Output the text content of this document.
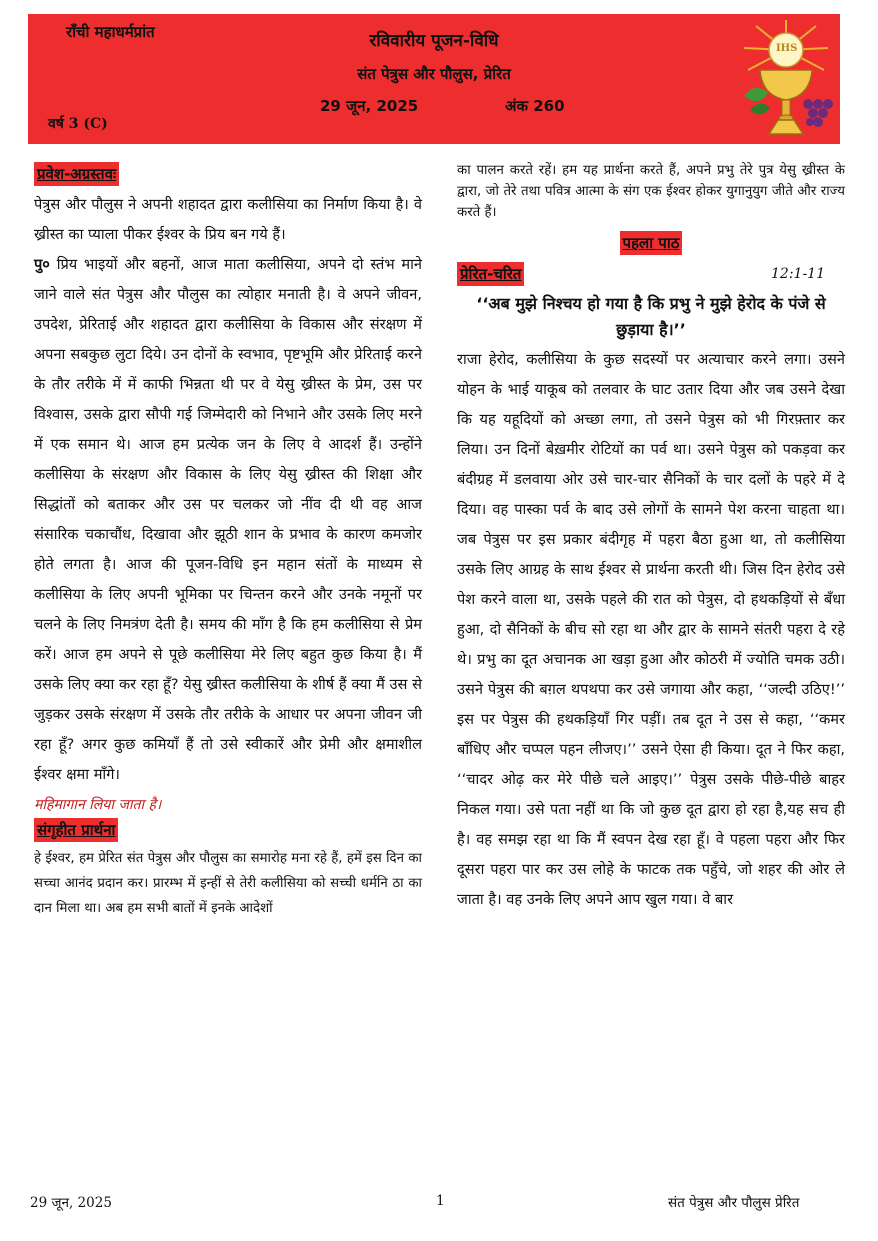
राँची महाधर्मप्रांत	रविवारीय पूजन-विधि
संत पेत्रुस और पौलुस, प्रेरित
29 जून, 2025	अंक 260
वर्ष 3 (C)
IHS
प्रवेश-अग्रस्तवः

पेत्रुस और पौलुस ने अपनी शहादत द्वारा कलीसिया का निर्माण किया है। वे ख्रीस्त का प्याला पीकर ईश्वर के प्रिय बन गये हैं।

पु० प्रिय भाइयों और बहनों, आज माता कलीसिया, अपने दो स्तंभ माने जाने वाले संत पेत्रुस और पौलुस का त्योहार मनाती है। वे अपने जीवन, उपदेश, प्रेरिताई और शहादत द्वारा कलीसिया के विकास और संरक्षण में अपना सबकुछ लुटा दिये। उन दोनों के स्वभाव, पृष्टभूमि और प्रेरिताई करने के तौर तरीके में में काफी भिन्नता थी पर वे येसु ख्रीस्त के प्रेम, उस पर विश्वास, उसके द्वारा सौपी गई जिम्मेदारी को निभाने और उसके लिए मरने में एक समान थे। आज हम प्रत्येक जन के लिए वे आदर्श हैं। उन्होंने कलीसिया के संरक्षण और विकास के लिए येसु ख्रीस्त की शिक्षा और सिद्धांतों को बताकर और उस पर चलकर जो नींव दी थी वह आज संसारिक चकाचौंध, दिखावा और झूठी शान के प्रभाव के कारण कमजोर होते लगता है। आज की पूजन-विधि इन महान संतों के माध्यम से कलीसिया के लिए अपनी भूमिका पर चिन्तन करने और उनके नमूनों पर चलने के लिए निमत्रंण देती है। समय की माँग है कि हम कलीसिया से प्रेम करें। आज हम अपने से पूछे कलीसिया मेरे लिए बहुत कुछ किया है। मैं उसके लिए क्या कर रहा हूँ? येसु ख्रीस्त कलीसिया के शीर्ष हैं क्या मैं उस से जुड़कर उसके संरक्षण में उसके तौर तरीके के आधार पर अपना जीवन जी रहा हूँ? अगर कुछ कमियाँ हैं तो उसे स्वीकारें और प्रेमी और क्षमाशील ईश्वर क्षमा माँगे।

महिमागान लिया जाता है।

संगृहीत प्रार्थना

हे ईश्वर, हम प्रेरित संत पेत्रुस और पौलुस का समारोह मना रहे हैं, हमें इस दिन का सच्चा आनंद प्रदान कर। प्रारम्भ में इन्हीं से तेरी कलीसिया को सच्ची धर्मनि ठा का दान मिला था। अब हम सभी बातों में इनके आदेशों

का पालन करते रहें। हम यह प्रार्थना करते हैं, अपने प्रभु तेरे पुत्र येसु ख्रीस्त के द्वारा, जो तेरे तथा पवित्र आत्मा के संग एक ईश्वर होकर युगानुयुग जीते और राज्य करते हैं।

पहला पाठ
प्रेरित-चरित	12:1-11

‘‘अब मुझे निश्चय हो गया है कि प्रभु ने मुझे हेरोद के पंजे से छुड़ाया है।’’

राजा हेरोद, कलीसिया के कुछ सदस्यों पर अत्याचार करने लगा। उसने योहन के भाई याकूब को तलवार के घाट उतार दिया और जब उसने देखा कि यह यहूदियों को अच्छा लगा, तो उसने पेत्रुस को भी गिरफ़्तार कर लिया। उन दिनों बेख़मीर रोटियों का पर्व था। उसने पेत्रुस को पकड़वा कर बंदीग्रह में डलवाया ओर उसे चार-चार सैनिकों के चार दलों के पहरे में दे दिया। वह पास्का पर्व के बाद उसे लोगों के सामने पेश करना चाहता था। जब पेत्रुस पर इस प्रकार बंदीगृह में पहरा बैठा हुआ था, तो कलीसिया उसके लिए आग्रह के साथ ईश्वर से प्रार्थना करती थी। जिस दिन हेरोद उसे पेश करने वाला था, उसके पहले की रात को पेत्रुस, दो हथकड़ियों से बँधा हुआ, दो सैनिकों के बीच सो रहा था और द्वार के सामने संतरी पहरा दे रहे थे। प्रभु का दूत अचानक आ खड़ा हुआ और कोठरी में ज्योति चमक उठी। उसने पेत्रुस की बग़ल थपथपा कर उसे जगाया और कहा, ‘‘जल्दी उठिए!’’ इस पर पेत्रुस की हथकड़ियाँ गिर पड़ीं। तब दूत ने उस से कहा, ‘‘कमर बाँधिए और चप्पल पहन लीजए।’’ उसने ऐसा ही किया। दूत ने फिर कहा, ‘‘चादर ओढ़ कर मेरे पीछे चले आइए।’’ पेत्रुस उसके पीछे-पीछे बाहर निकल गया। उसे पता नहीं था कि जो कुछ दूत द्वारा हो रहा है,यह सच ही है। वह समझ रहा था कि मैं स्वपन देख रहा हूँ। वे पहला पहरा और फिर दूसरा पहरा पार कर उस लोहे के फाटक तक पहुँचे, जो शहर की ओर ले जाता है। वह उनके लिए अपने आप खुल गया। वे बार

29 जून, 2025	1	संत पेत्रुस और पौलुस प्रेरित
